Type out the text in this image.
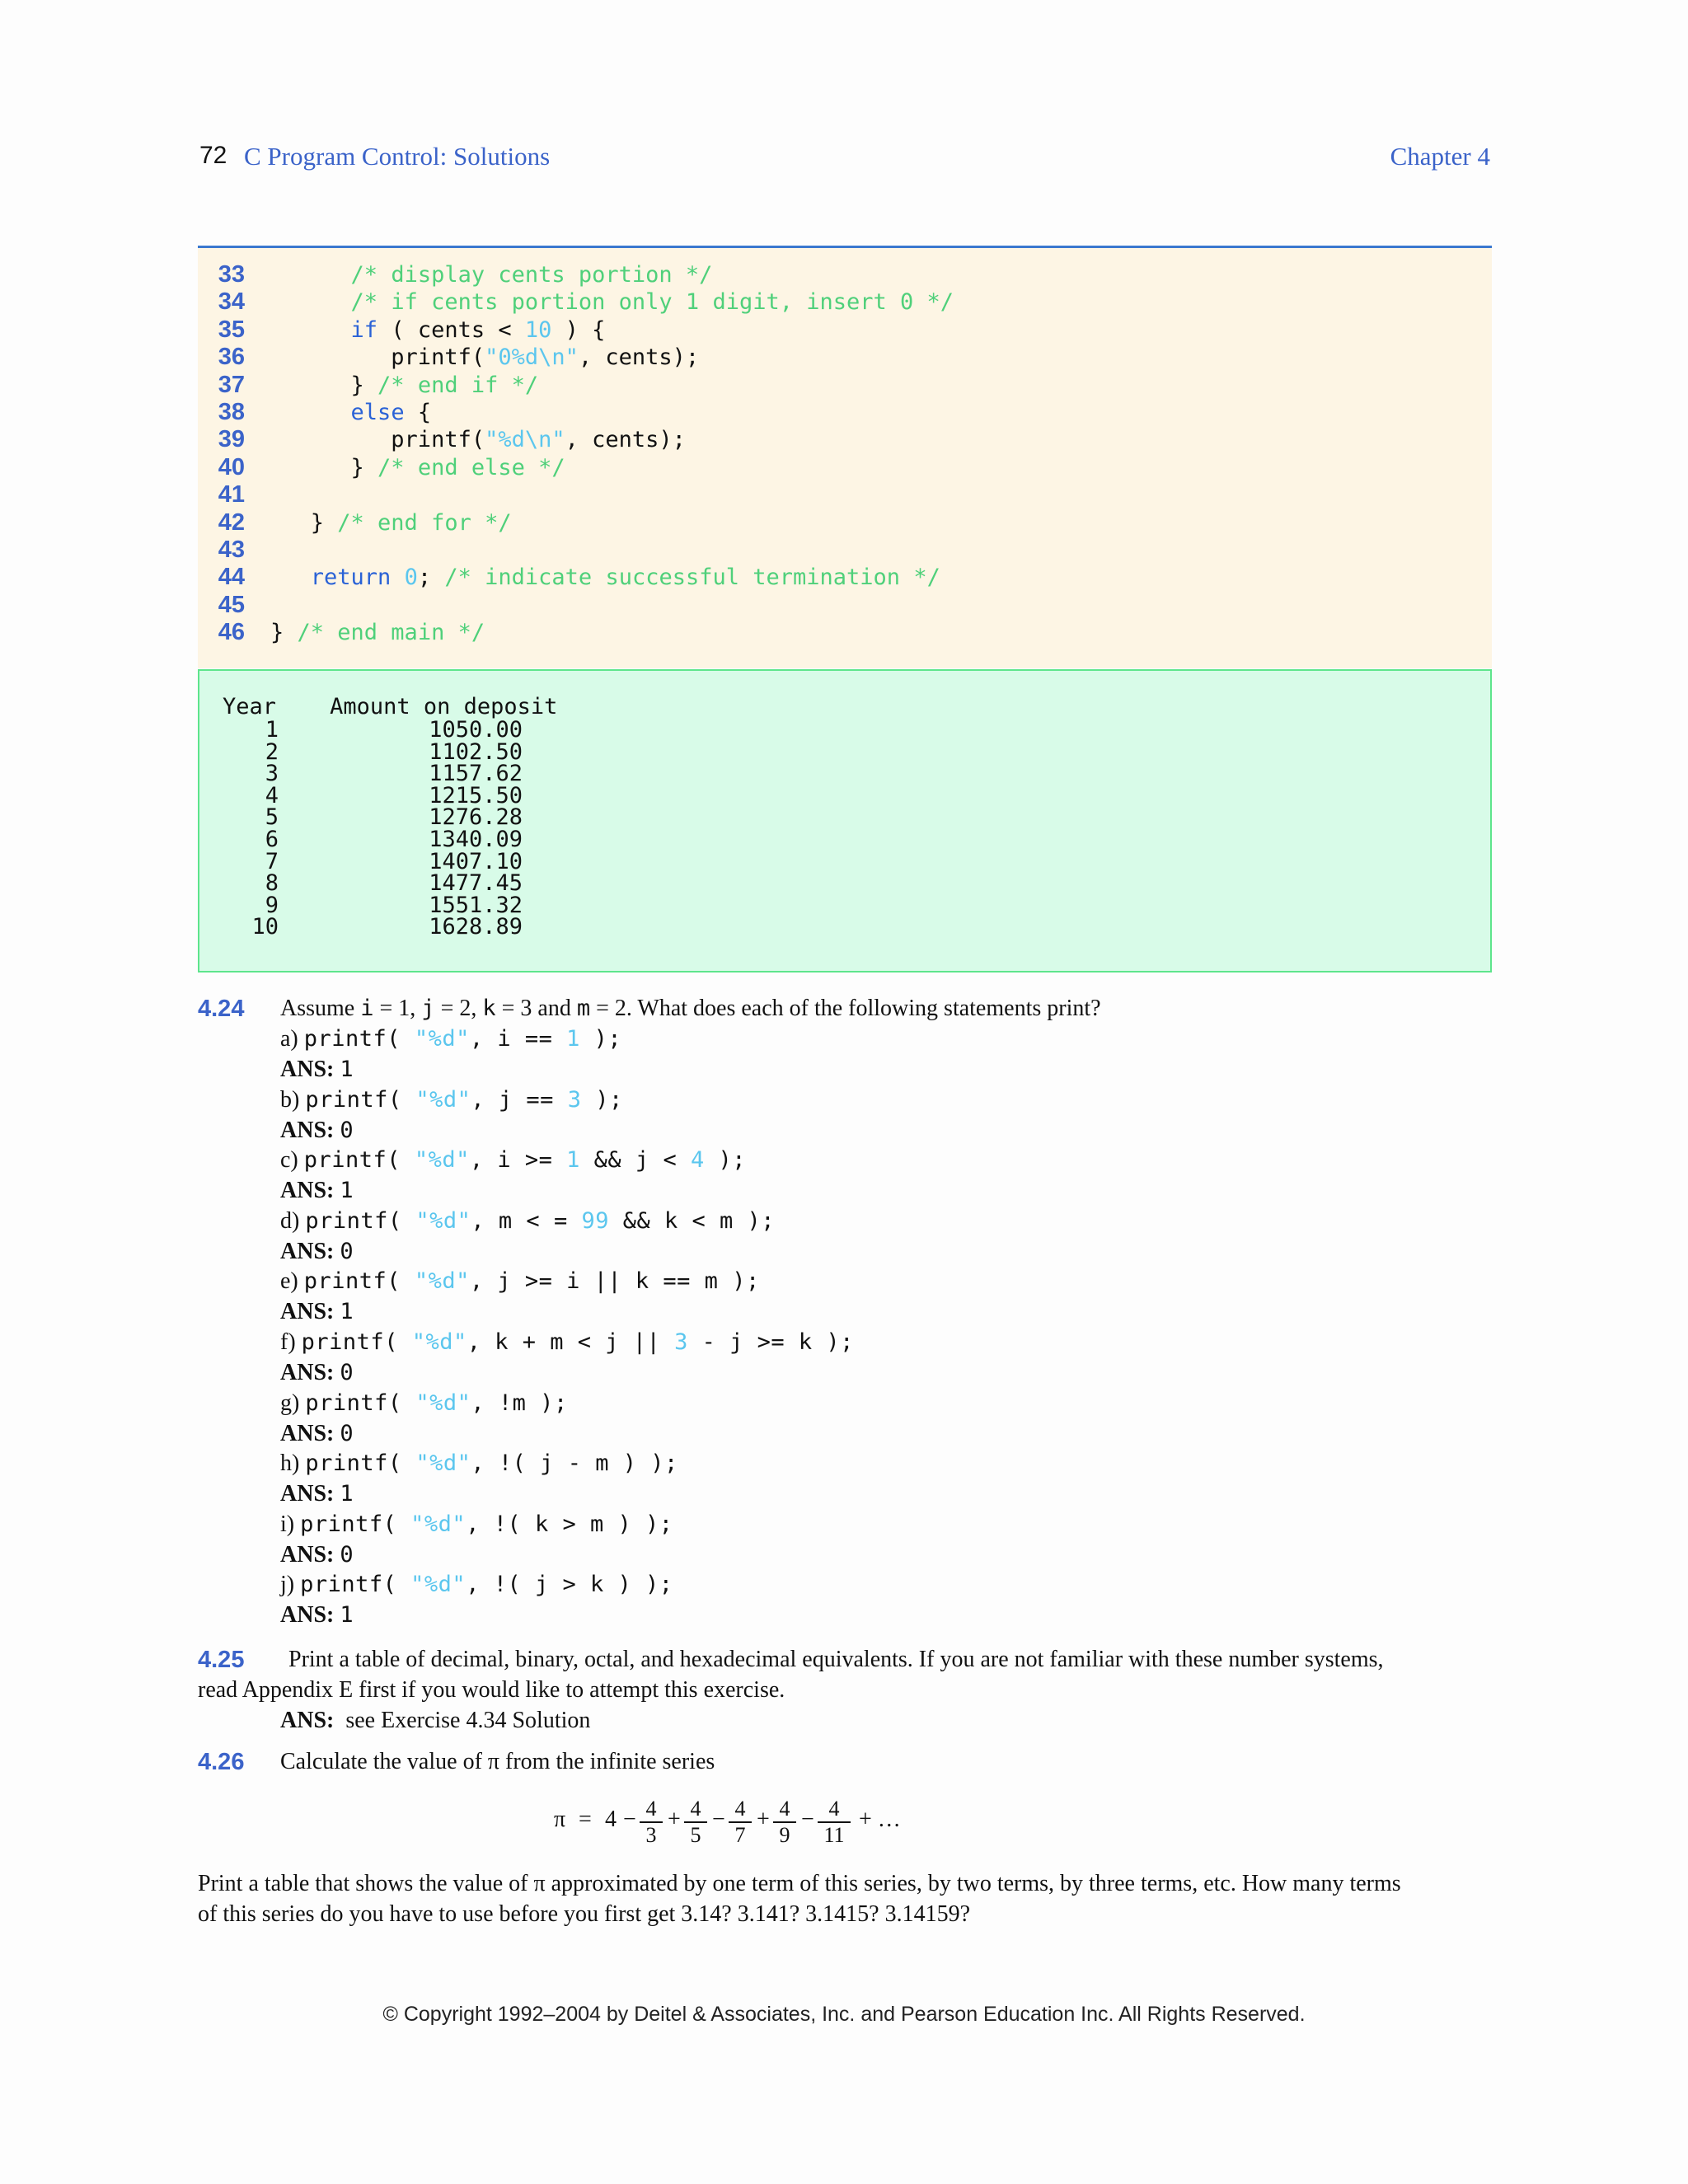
72 C Program Control: Solutions	Chapter 4
33	/* display cents portion */
34	/* if cents portion only 1 digit, insert 0 */
35	if ( cents < 10 ) {
36 printf("0%d\n", cents);
37 } /* end if */
38	else {
39 printf("%d\n", cents);
40 } /* end else */
41
42 } /* end for */
43
44	return 0; /* indicate successful termination */
45
46 } /* end main */
Year Amount on deposit
1	1050.00
2	1102.50
3	1157.62
4	1215.50
5	1276.28
6	1340.09
7	1407.10
8	1477.45
9	1551.32
10	1628.89
4.24 Assume i = 1, j = 2, k = 3 and m = 2. What does each of the following statements print?
a) printf( "%d", i == 1 );
ANS: 1
b) printf( "%d", j == 3 );
ANS: 0
c) printf( "%d", i >= 1 && j < 4 );
ANS: 1
d) printf( "%d", m < = 99 && k < m );
ANS: 0
e) printf( "%d", j >= i || k == m );
ANS: 1
f) printf( "%d", k + m < j || 3 - j >= k );
ANS: 0
g) printf( "%d", !m );
ANS: 0
h) printf( "%d", !( j - m ) );
ANS: 1
i) printf( "%d", !( k > m ) );
ANS: 0
j) printf( "%d", !( j > k ) );
ANS: 1
4.25 Print a table of decimal, binary, octal, and hexadecimal equivalents. If you are not familiar with these number systems,
read Appendix E first if you would like to attempt this exercise.
ANS: see Exercise 4.34 Solution
4.26 Calculate the value of π from the infinite series
π = 4 − 4
3
+ 4
5
− 4
7
+ 4
9
− 4
11
+ …
Print a table that shows the value of π approximated by one term of this series, by two terms, by three terms, etc. How many terms
of this series do you have to use before you first get 3.14? 3.141? 3.1415? 3.14159?
© Copyright 1992–2004 by Deitel & Associates, Inc. and Pearson Education Inc. All Rights Reserved.
